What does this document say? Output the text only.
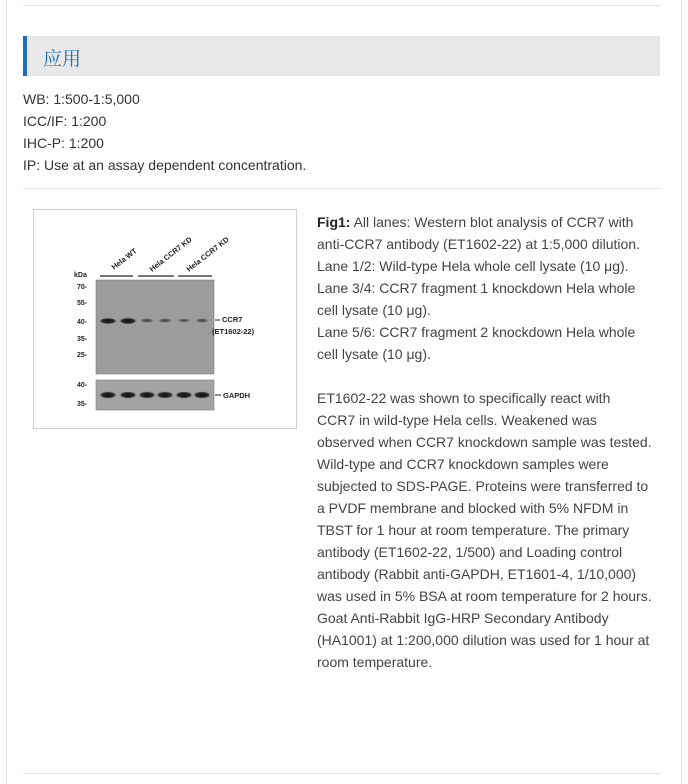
应用
WB: 1:500-1:5,000
ICC/IF: 1:200
IHC-P: 1:200
IP: Use at an assay dependent concentration.
Hela WT Hela CCR7 KD
Hela CCR7 KD
kDa
70-
55-
40-
35-
25-
CCR7
(ET1602-22)
40-
35-
GAPDH

Fig1: All lanes: Western blot analysis of CCR7 with anti-CCR7 antibody (ET1602-22) at 1:5,000 dilution.

Lane 1/2: Wild-type Hela whole cell lysate (10 μg).

Lane 3/4: CCR7 fragment 1 knockdown Hela whole cell lysate (10 μg).

Lane 5/6: CCR7 fragment 2 knockdown Hela whole cell lysate (10 μg).

ET1602-22 was shown to specifically react with CCR7 in wild-type Hela cells. Weakened was observed when CCR7 knockdown sample was tested. Wild-type and CCR7 knockdown samples were subjected to SDS-PAGE. Proteins were transferred to a PVDF membrane and blocked with 5% NFDM in TBST for 1 hour at room temperature. The primary antibody (ET1602-22, 1/500) and Loading control antibody (Rabbit anti-GAPDH, ET1601-4, 1/10,000) was used in 5% BSA at room temperature for 2 hours. Goat Anti-Rabbit IgG-HRP Secondary Antibody (HA1001) at 1:200,000 dilution was used for 1 hour at room temperature.
